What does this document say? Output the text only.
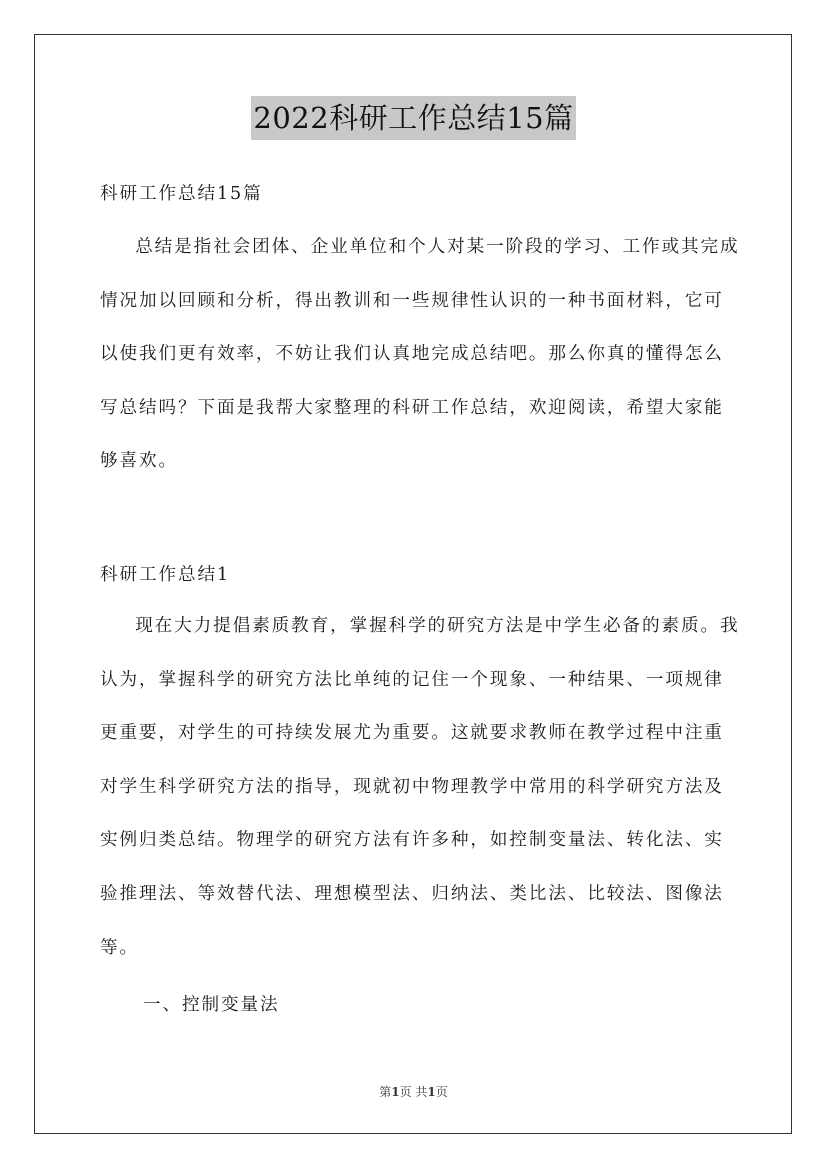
2022科研工作总结15篇

科研工作总结15篇

总结是指社会团体、企业单位和个人对某一阶段的学习、工作或其完成情况加以回顾和分析，得出教训和一些规律性认识的一种书面材料，它可以使我们更有效率，不妨让我们认真地完成总结吧。那么你真的懂得怎么写总结吗？下面是我帮大家整理的科研工作总结，欢迎阅读，希望大家能够喜欢。

科研工作总结1

现在大力提倡素质教育，掌握科学的研究方法是中学生必备的素质。我认为，掌握科学的研究方法比单纯的记住一个现象、一种结果、一项规律更重要，对学生的可持续发展尤为重要。这就要求教师在教学过程中注重对学生科学研究方法的指导，现就初中物理教学中常用的科学研究方法及实例归类总结。物理学的研究方法有许多种，如控制变量法、转化法、实验推理法、等效替代法、理想模型法、归纳法、类比法、比较法、图像法等。

一、控制变量法

第1页 共1页
